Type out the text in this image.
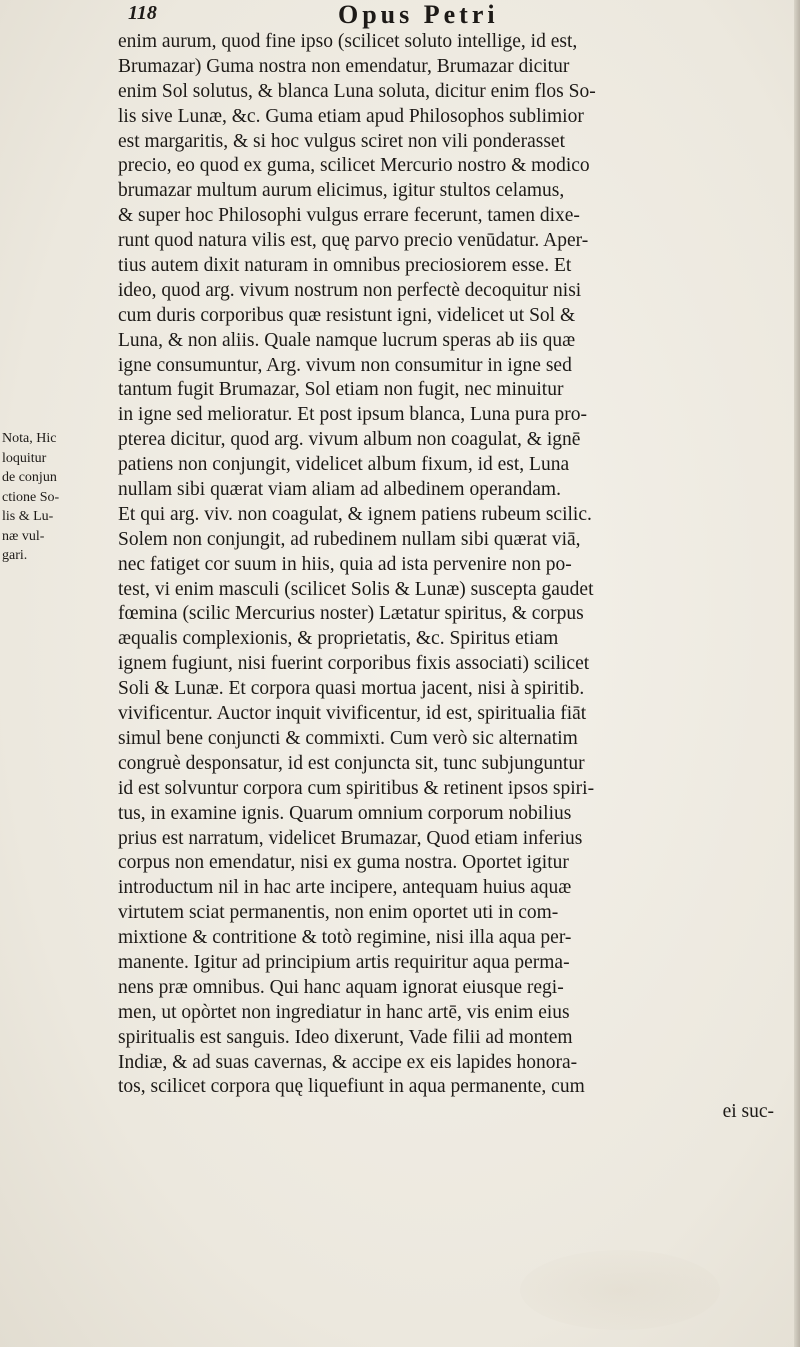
118	Opus Petri
Nota, Hic
loquitur
de conjun
ctione So-
lis & Lu-
næ vul-
gari.
enim aurum, quod fine ipso (scilicet soluto intellige, id est,
Brumazar) Guma nostra non emendatur, Brumazar dicitur
enim Sol solutus, & blanca Luna soluta, dicitur enim flos So-
lis sive Lunæ, &c. Guma etiam apud Philosophos sublimior
est margaritis, & si hoc vulgus sciret non vili ponderasset
precio, eo quod ex guma, scilicet Mercurio nostro & modico
brumazar multum aurum elicimus, igitur stultos celamus,
& super hoc Philosophi vulgus errare fecerunt, tamen dixe-
runt quod natura vilis est, quę parvo precio venūdatur. Aper-
tius autem dixit naturam in omnibus preciosiorem esse. Et
ideo, quod arg. vivum nostrum non perfectè decoquitur nisi
cum duris corporibus quæ resistunt igni, videlicet ut Sol &
Luna, & non aliis. Quale namque lucrum speras ab iis quæ
igne consumuntur, Arg. vivum non consumitur in igne sed
tantum fugit Brumazar, Sol etiam non fugit, nec minuitur
in igne sed melioratur. Et post ipsum blanca, Luna pura pro-
pterea dicitur, quod arg. vivum album non coagulat, & ignē
patiens non conjungit, videlicet album fixum, id est, Luna
nullam sibi quærat viam aliam ad albedinem operandam.
Et qui arg. viv. non coagulat, & ignem patiens rubeum scilic.
Solem non conjungit, ad rubedinem nullam sibi quærat viā,
nec fatiget cor suum in hiis, quia ad ista pervenire non po-
test, vi enim masculi (scilicet Solis & Lunæ) suscepta gaudet
fœmina (scilic Mercurius noster) Lætatur spiritus, & corpus
æqualis complexionis, & proprietatis, &c. Spiritus etiam
ignem fugiunt, nisi fuerint corporibus fixis associati) scilicet
Soli & Lunæ. Et corpora quasi mortua jacent, nisi à spiritib.
vivificentur. Auctor inquit vivificentur, id est, spiritualia fiāt
simul bene conjuncti & commixti. Cum verò sic alternatim
congruè desponsatur, id est conjuncta sit, tunc subjunguntur
id est solvuntur corpora cum spiritibus & retinent ipsos spiri-
tus, in examine ignis. Quarum omnium corporum nobilius
prius est narratum, videlicet Brumazar, Quod etiam inferius
corpus non emendatur, nisi ex guma nostra. Oportet igitur
introductum nil in hac arte incipere, antequam huius aquæ
virtutem sciat permanentis, non enim oportet uti in com-
mixtione & contritione & totò regimine, nisi illa aqua per-
manente. Igitur ad principium artis requiritur aqua perma-
nens præ omnibus. Qui hanc aquam ignorat eiusque regi-
men, ut opòrtet non ingrediatur in hanc artē, vis enim eius
spiritualis est sanguis. Ideo dixerunt, Vade filii ad montem
Indiæ, & ad suas cavernas, & accipe ex eis lapides honora-
tos, scilicet corpora quę liquefiunt in aqua permanente, cum
ei suc-
